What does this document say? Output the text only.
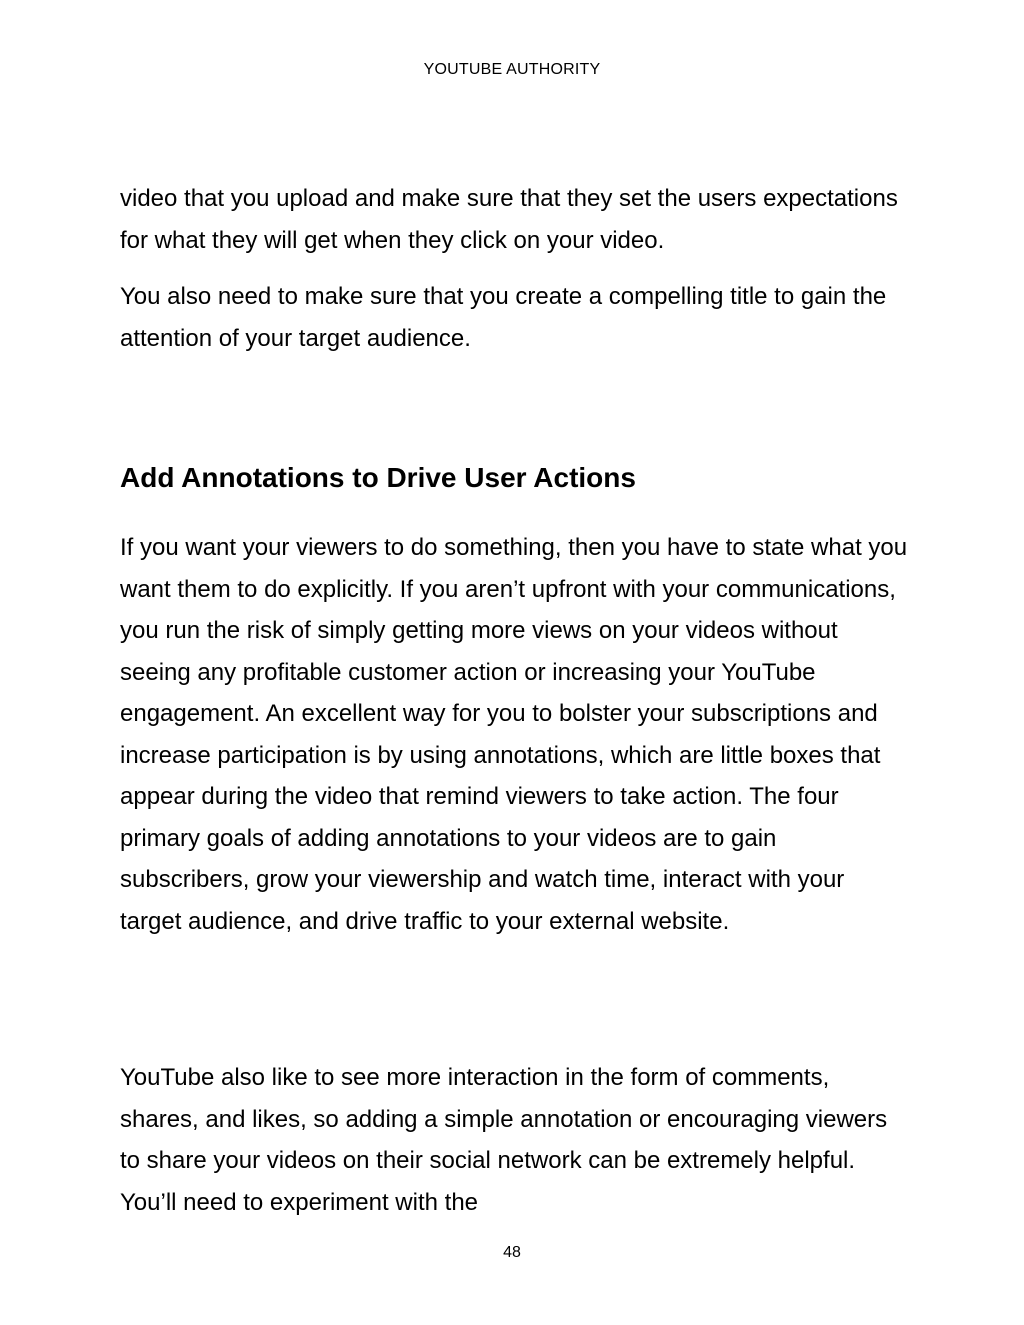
YOUTUBE AUTHORITY

video that you upload and make sure that they set the users expectations for what they will get when they click on your video.

You also need to make sure that you create a compelling title to gain the attention of your target audience.

Add Annotations to Drive User Actions

If you want your viewers to do something, then you have to state what you want them to do explicitly. If you aren’t upfront with your communications, you run the risk of simply getting more views on your videos without seeing any profitable customer action or increasing your YouTube engagement. An excellent way for you to bolster your subscriptions and increase participation is by using annotations, which are little boxes that appear during the video that remind viewers to take action. The four primary goals of adding annotations to your videos are to gain subscribers, grow your viewership and watch time, interact with your target audience, and drive traffic to your external website.

YouTube also like to see more interaction in the form of comments, shares, and likes, so adding a simple annotation or encouraging viewers to share your videos on their social network can be extremely helpful. You’ll need to experiment with the

48
